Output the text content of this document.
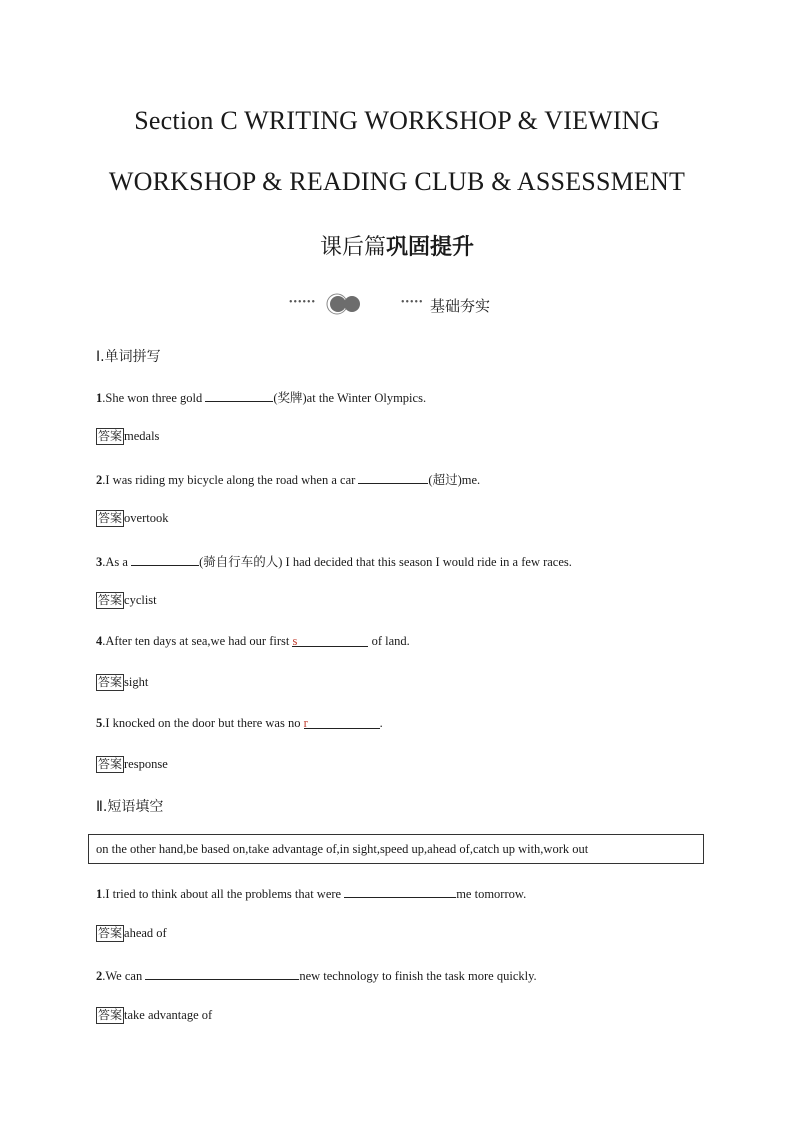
Section C WRITING WORKSHOP & VIEWING
WORKSHOP & READING CLUB & ASSESSMENT
课后篇巩固提升
••••••	••••• 基础夯实
Ⅰ.单词拼写
1.She won three gold	(奖牌)at the Winter Olympics.
答案 medals
2.I was riding my bicycle along the road when a car	(超过)me.
答案 overtook
3.As a	(骑自行车的人) I had decided that this season I would ride in a few races.
答案 cyclist
4.After ten days at sea,we had our first s	of land.
答案 sight
5.I knocked on the door but there was no r	.
答案 response
Ⅱ.短语填空
on the other hand,be based on,take advantage of,in sight,speed up,ahead of,catch up with,work out
1.I tried to think about all the problems that were	me tomorrow.
答案 ahead of
2.We can	new technology to finish the task more quickly.
答案 take advantage of
